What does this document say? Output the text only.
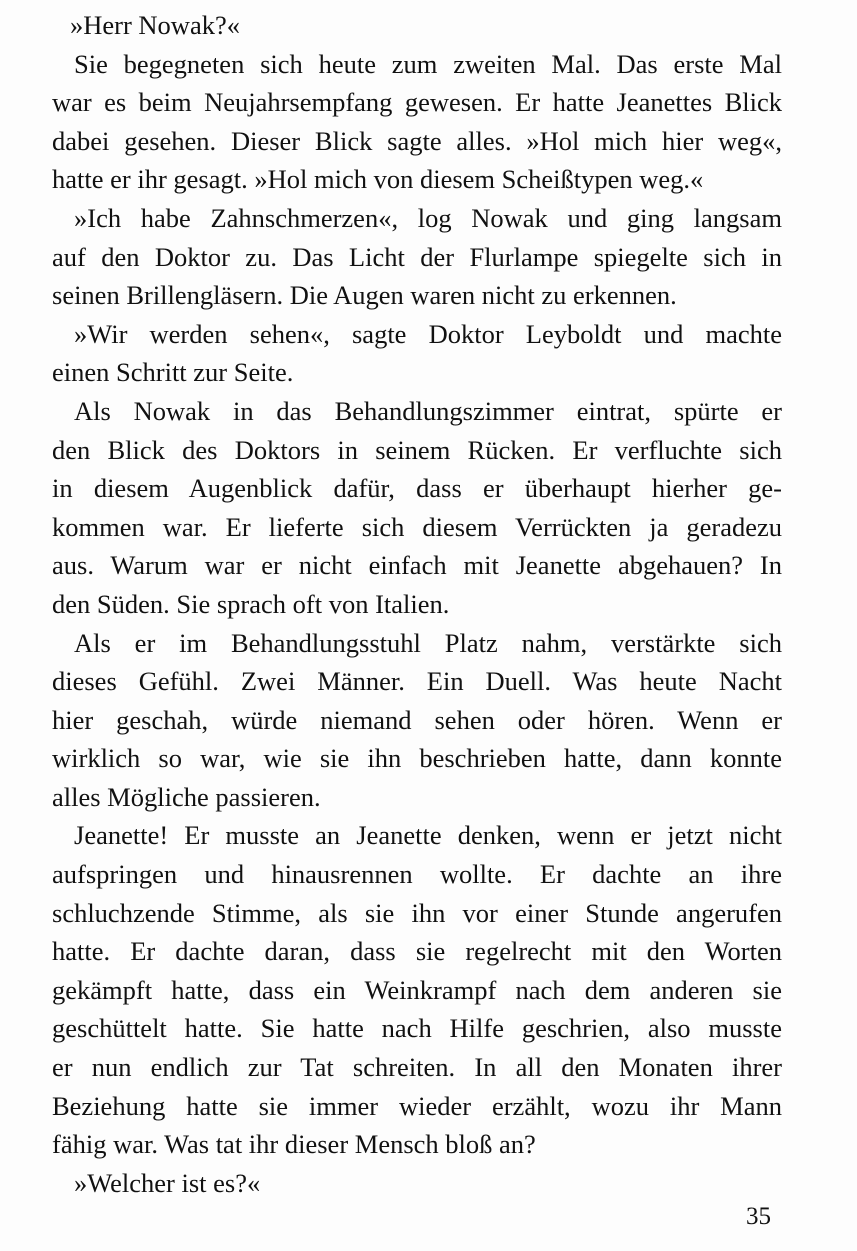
»Herr Nowak?«

Sie begegneten sich heute zum zweiten Mal. Das erste Mal
war es beim Neujahrsempfang gewesen. Er hatte Jeanettes Blick
dabei gesehen. Dieser Blick sagte alles. »Hol mich hier weg«,
hatte er ihr gesagt. »Hol mich von diesem Scheißtypen weg.«

»Ich habe Zahnschmerzen«, log Nowak und ging langsam
auf den Doktor zu. Das Licht der Flurlampe spiegelte sich in
seinen Brillengläsern. Die Augen waren nicht zu erkennen.

»Wir werden sehen«, sagte Doktor Leyboldt und machte
einen Schritt zur Seite.

Als Nowak in das Behandlungszimmer eintrat, spürte er
den Blick des Doktors in seinem Rücken. Er verfluchte sich
in diesem Augenblick dafür, dass er überhaupt hierher ge-
kommen war. Er lieferte sich diesem Verrückten ja geradezu
aus. Warum war er nicht einfach mit Jeanette abgehauen? In
den Süden. Sie sprach oft von Italien.

Als er im Behandlungsstuhl Platz nahm, verstärkte sich
dieses Gefühl. Zwei Männer. Ein Duell. Was heute Nacht
hier geschah, würde niemand sehen oder hören. Wenn er
wirklich so war, wie sie ihn beschrieben hatte, dann konnte
alles Mögliche passieren.

Jeanette! Er musste an Jeanette denken, wenn er jetzt nicht
aufspringen und hinausrennen wollte. Er dachte an ihre
schluchzende Stimme, als sie ihn vor einer Stunde angerufen
hatte. Er dachte daran, dass sie regelrecht mit den Worten
gekämpft hatte, dass ein Weinkrampf nach dem anderen sie
geschüttelt hatte. Sie hatte nach Hilfe geschrien, also musste
er nun endlich zur Tat schreiten. In all den Monaten ihrer
Beziehung hatte sie immer wieder erzählt, wozu ihr Mann
fähig war. Was tat ihr dieser Mensch bloß an?

»Welcher ist es?«

35
